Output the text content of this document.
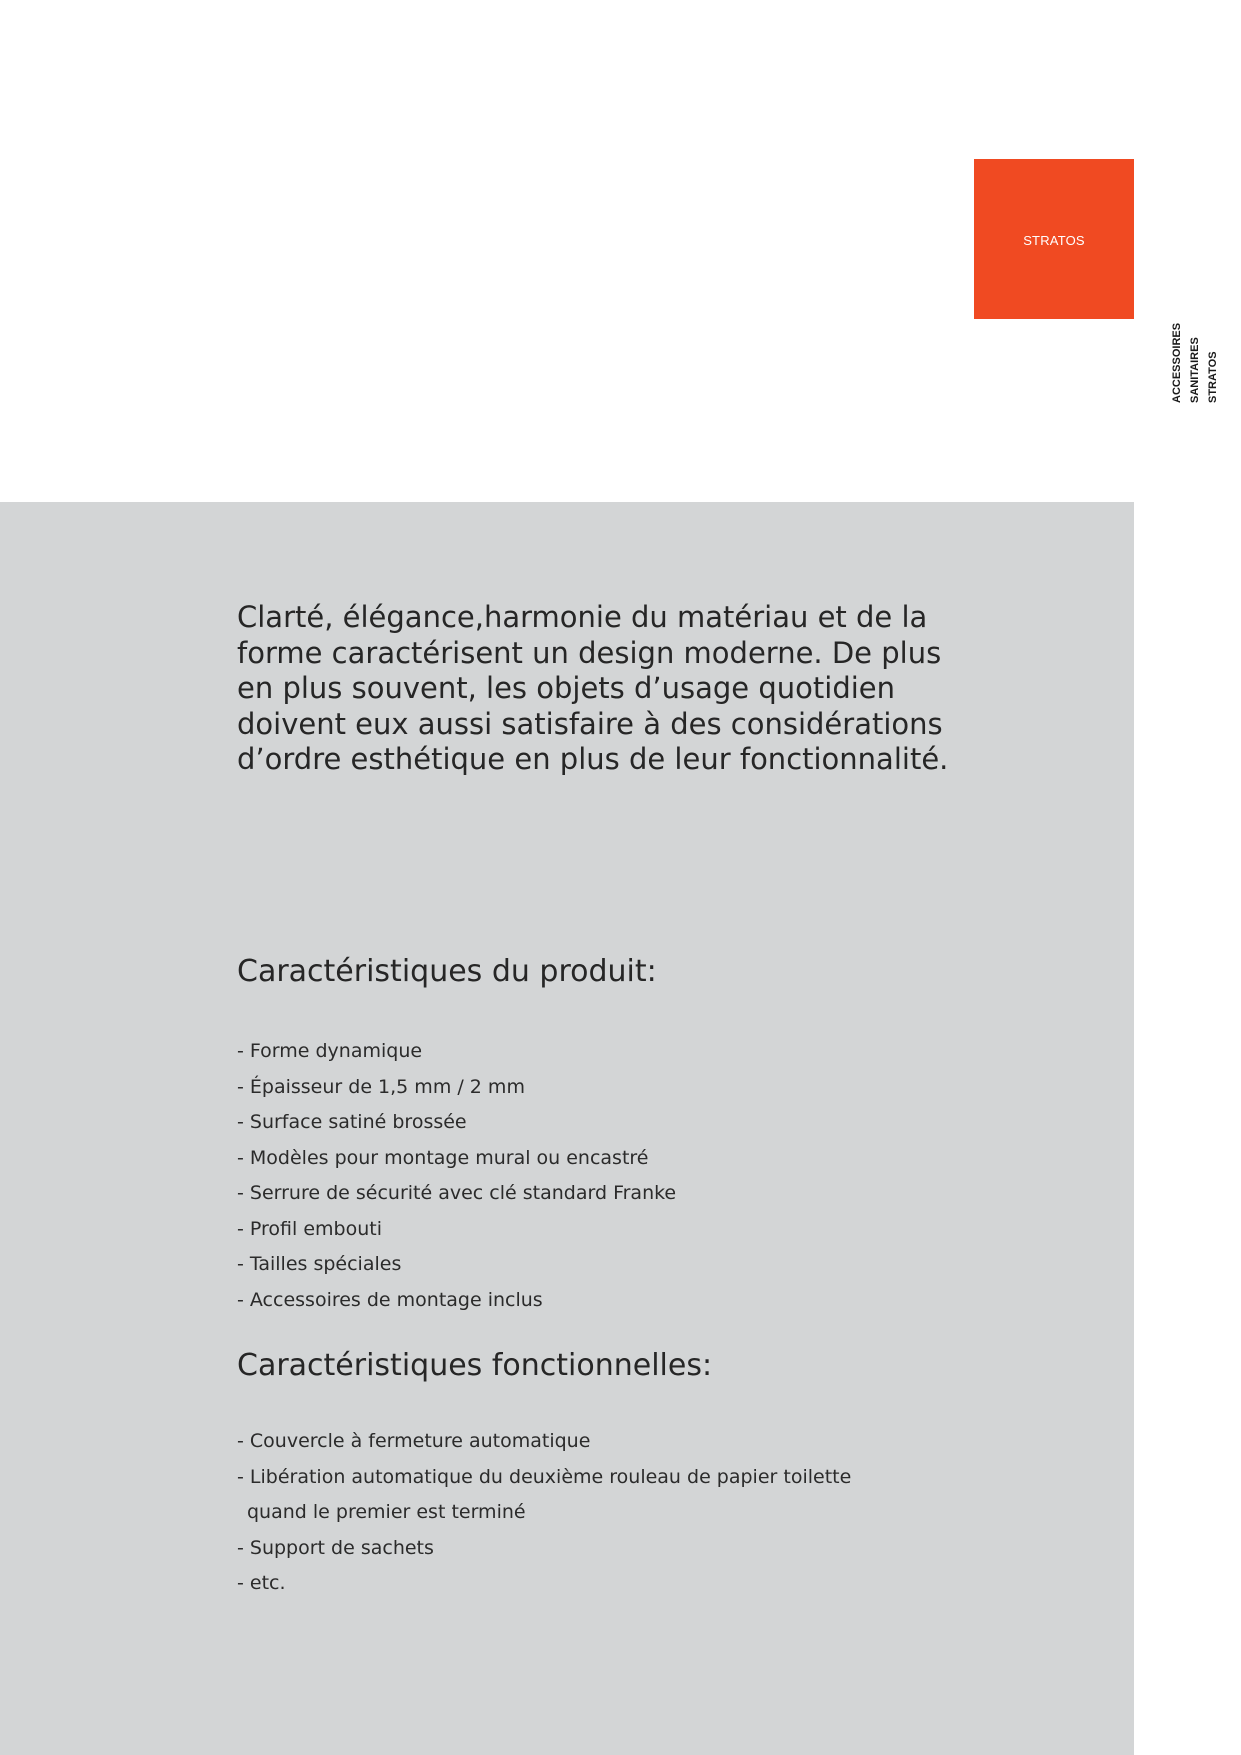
STRATOS
ACCESSOIRES SANITAIRES STRATOS

Clarté, élégance,harmonie du matériau et de la forme caractérisent un design moderne. De plus en plus souvent, les objets d’usage quotidien doivent eux aussi satisfaire à des considérations d’ordre esthétique en plus de leur fonctionnalité.

Caractéristiques du produit:
- Forme dynamique
- Épaisseur de 1,5 mm / 2 mm
- Surface satiné brossée
- Modèles pour montage mural ou encastré
- Serrure de sécurité avec clé standard Franke
- Profil embouti
- Tailles spéciales
- Accessoires de montage inclus
Caractéristiques fonctionnelles:
- Couvercle à fermeture automatique
- Libération automatique du deuxième rouleau de papier toilette
quand le premier est terminé
- Support de sachets
- etc.
